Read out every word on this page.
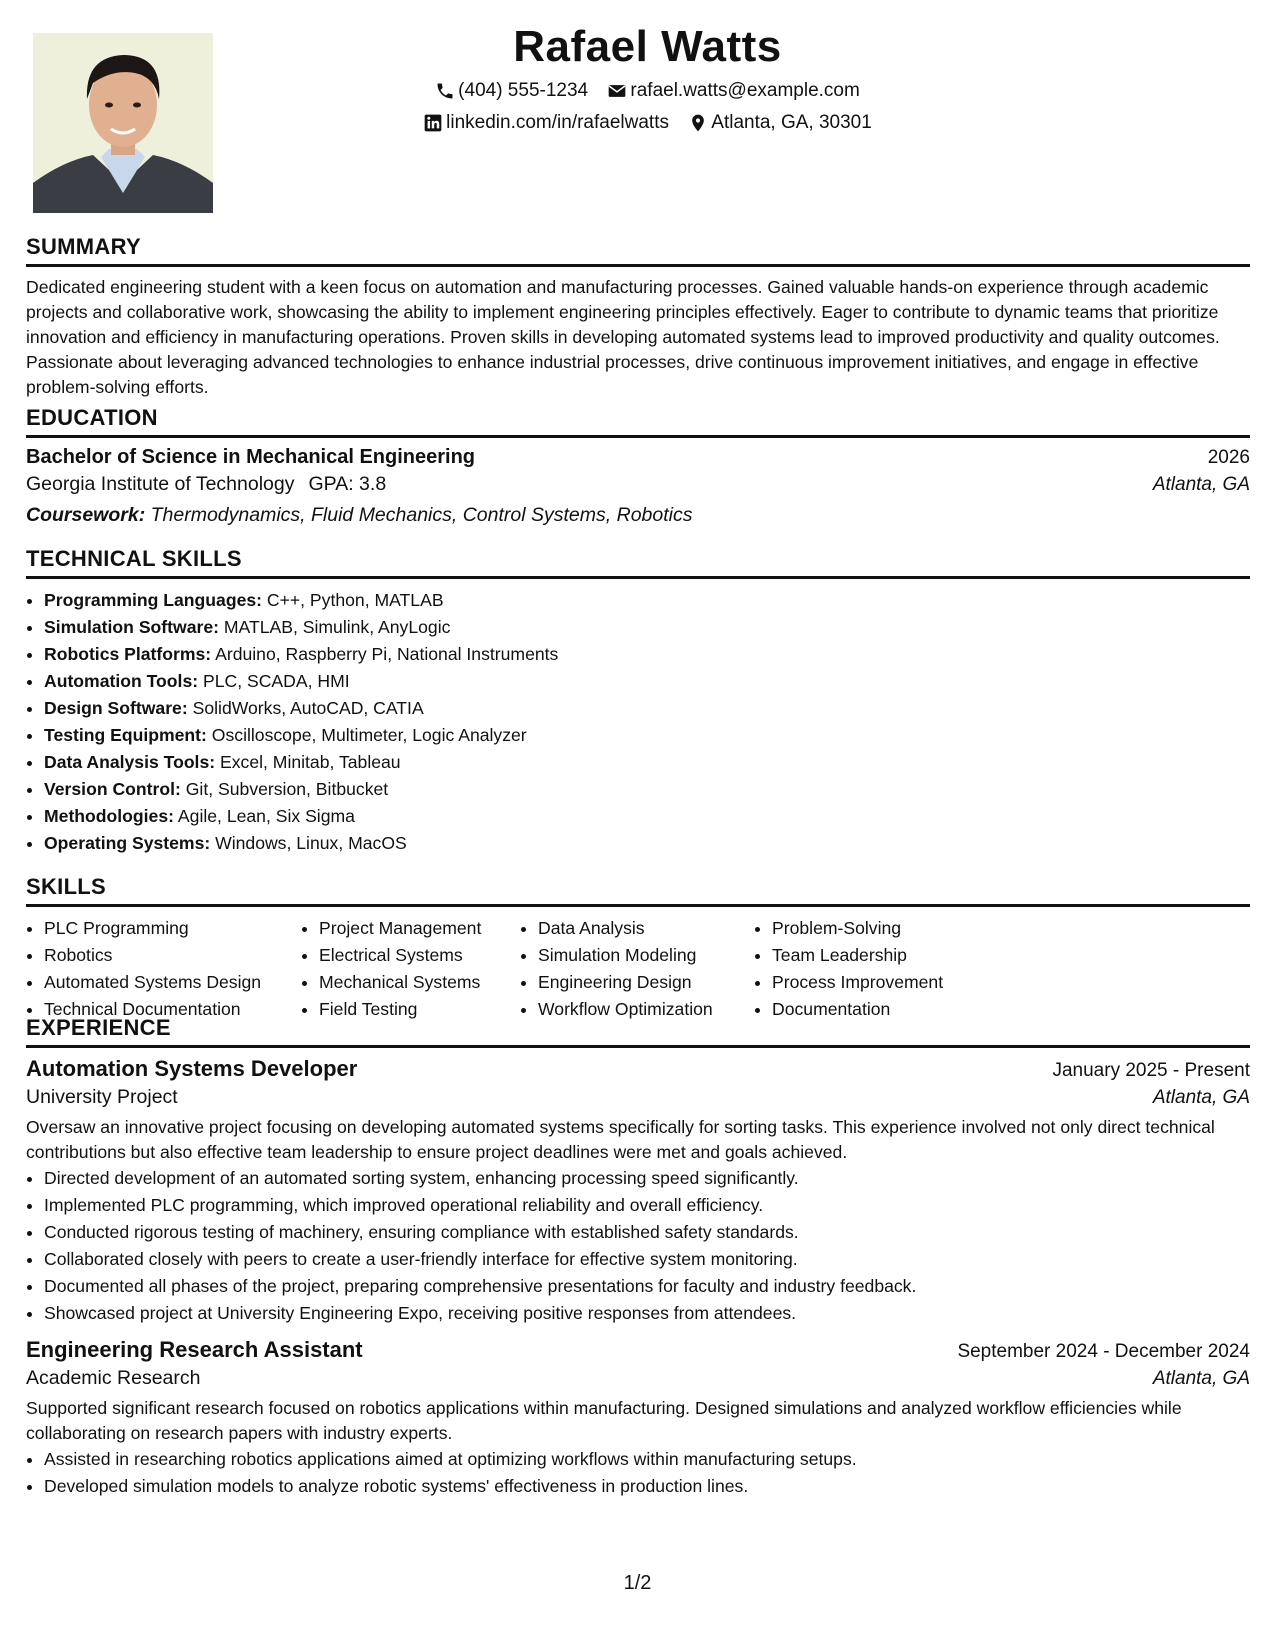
Rafael Watts
(404) 555-1234
rafael.watts@example.com
linkedin.com/in/rafaelwatts
Atlanta, GA, 30301
SUMMARY
Dedicated engineering student with a keen focus on automation and manufacturing processes. Gained valuable hands-on experience through academic projects and collaborative work, showcasing the ability to implement engineering principles effectively. Eager to contribute to dynamic teams that prioritize innovation and efficiency in manufacturing operations. Proven skills in developing automated systems lead to improved productivity and quality outcomes. Passionate about leveraging advanced technologies to enhance industrial processes, drive continuous improvement initiatives, and engage in effective problem-solving efforts.
EDUCATION
Bachelor of Science in Mechanical Engineering	2026
Georgia Institute of Technology GPA: 3.8	Atlanta, GA
Coursework: Thermodynamics, Fluid Mechanics, Control Systems, Robotics
TECHNICAL SKILLS
• Programming Languages: C++, Python, MATLAB
• Simulation Software: MATLAB, Simulink, AnyLogic
• Robotics Platforms: Arduino, Raspberry Pi, National Instruments
• Automation Tools: PLC, SCADA, HMI
• Design Software: SolidWorks, AutoCAD, CATIA
• Testing Equipment: Oscilloscope, Multimeter, Logic Analyzer
• Data Analysis Tools: Excel, Minitab, Tableau
• Version Control: Git, Subversion, Bitbucket
• Methodologies: Agile, Lean, Six Sigma
• Operating Systems: Windows, Linux, MacOS
SKILLS
• PLC Programming
• Robotics
• Automated Systems Design
• Technical Documentation
• Project Management
• Electrical Systems
• Mechanical Systems
• Field Testing
• Data Analysis
• Simulation Modeling
• Engineering Design
• Workflow Optimization
• Problem-Solving
• Team Leadership
• Process Improvement
• Documentation
EXPERIENCE
Automation Systems Developer	January 2025 - Present
University Project	Atlanta, GA
Oversaw an innovative project focusing on developing automated systems specifically for sorting tasks. This experience involved not only direct technical contributions but also effective team leadership to ensure project deadlines were met and goals achieved.
• Directed development of an automated sorting system, enhancing processing speed significantly.
• Implemented PLC programming, which improved operational reliability and overall efficiency.
• Conducted rigorous testing of machinery, ensuring compliance with established safety standards.
• Collaborated closely with peers to create a user-friendly interface for effective system monitoring.
• Documented all phases of the project, preparing comprehensive presentations for faculty and industry feedback.
• Showcased project at University Engineering Expo, receiving positive responses from attendees.
Engineering Research Assistant	September 2024 - December 2024
Academic Research	Atlanta, GA
Supported significant research focused on robotics applications within manufacturing. Designed simulations and analyzed workflow efficiencies while collaborating on research papers with industry experts.
• Assisted in researching robotics applications aimed at optimizing workflows within manufacturing setups.
• Developed simulation models to analyze robotic systems' effectiveness in production lines.
1/2
